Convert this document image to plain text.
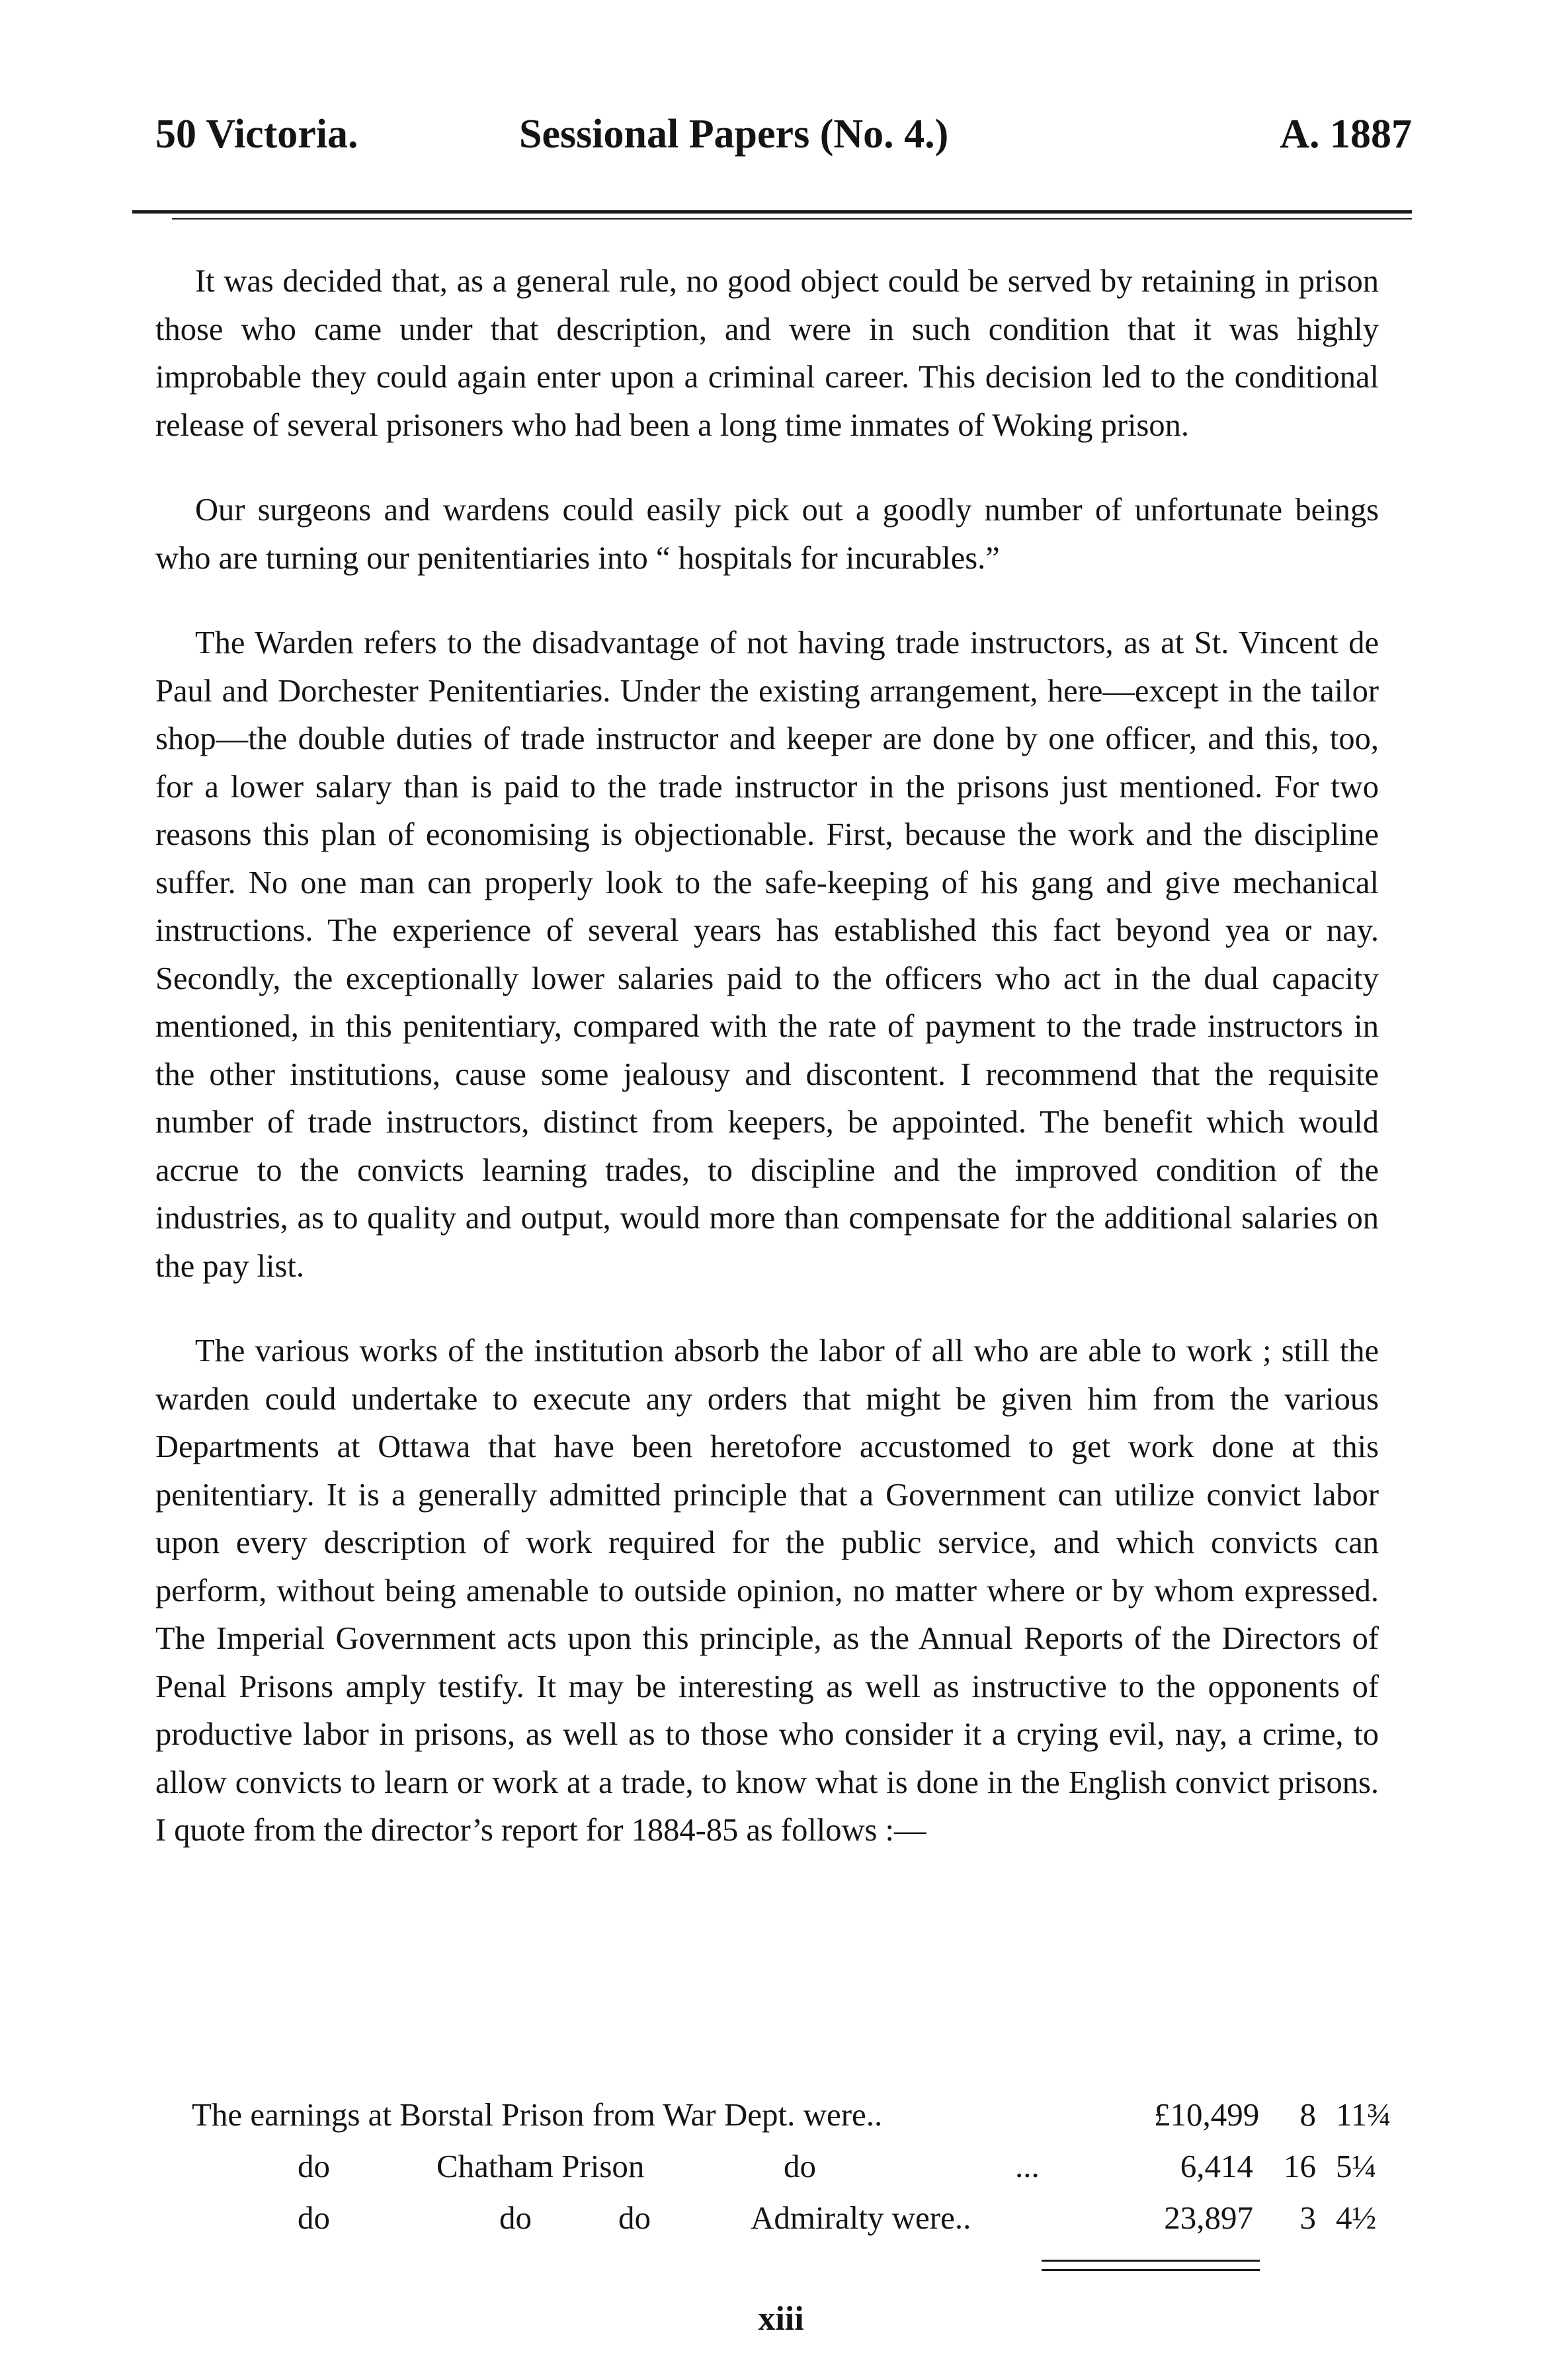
50 Victoria.	Sessional Papers (No. 4.)	A. 1887

It was decided that, as a general rule, no good object could be served by retaining in prison those who came under that description, and were in such condition that it was highly improbable they could again enter upon a criminal career. This decision led to the conditional release of several prisoners who had been a long time inmates of Woking prison.

Our surgeons and wardens could easily pick out a goodly number of unfortunate beings who are turning our penitentiaries into “ hospitals for incurables.”

The Warden refers to the disadvantage of not having trade instructors, as at St. Vincent de Paul and Dorchester Penitentiaries. Under the existing arrangement, here—except in the tailor shop—the double duties of trade instructor and keeper are done by one officer, and this, too, for a lower salary than is paid to the trade instructor in the prisons just mentioned. For two reasons this plan of economising is objectionable. First, because the work and the discipline suffer. No one man can properly look to the safe-keeping of his gang and give mechanical instructions. The experience of several years has established this fact beyond yea or nay. Secondly, the exceptionally lower salaries paid to the officers who act in the dual capacity mentioned, in this penitentiary, compared with the rate of payment to the trade instructors in the other institutions, cause some jealousy and discontent. I recommend that the requisite number of trade instructors, distinct from keepers, be appointed. The benefit which would accrue to the convicts learning trades, to discipline and the improved condition of the industries, as to quality and output, would more than compensate for the additional salaries on the pay list.

The various works of the institution absorb the labor of all who are able to work ; still the warden could undertake to execute any orders that might be given him from the various Departments at Ottawa that have been heretofore accustomed to get work done at this penitentiary. It is a generally admitted principle that a Government can utilize convict labor upon every description of work required for the public service, and which convicts can perform, without being amenable to outside opinion, no matter where or by whom expressed. The Imperial Government acts upon this principle, as the Annual Reports of the Directors of Penal Prisons amply testify. It may be interesting as well as instructive to the opponents of productive labor in prisons, as well as to those who consider it a crying evil, nay, a crime, to allow convicts to learn or work at a trade, to know what is done in the English convict prisons. I quote from the director’s report for 1884-85 as follows :—

The earnings at Borstal Prison from War Dept. were..	£10,499	8 11¾
do	Chatham Prison	do	...	6,414 16 5¼
do	do	do	Admiralty were..	23,897	3 4½
xiii
